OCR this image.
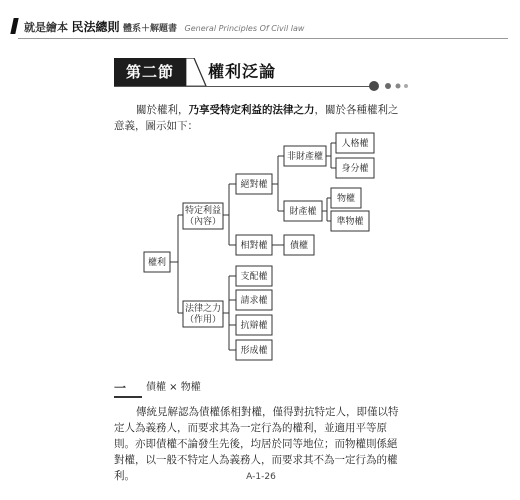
就是繪本 民法總則 體系＋解題書 General Principles Of Civil law
第二節	權利泛論
關於權利，乃享受特定利益的法律之力，關於各種權利之意義，圖示如下：
權利
特定利益
（內容）
法律之力
（作用）
絕對權
相對權
非財產權
財產權
人格權
身分權
物權
準物權
債權
支配權
請求權
抗辯權
形成權
一 債權 × 物權
傳統見解認為債權係相對權，僅得對抗特定人，即僅以特定人為義務人，而要求其為一定行為的權利，並適用平等原則。亦即債權不論發生先後，均居於同等地位；而物權則係絕對權，以一般不特定人為義務人，而要求其不為一定行為的權利。	A-1-26
